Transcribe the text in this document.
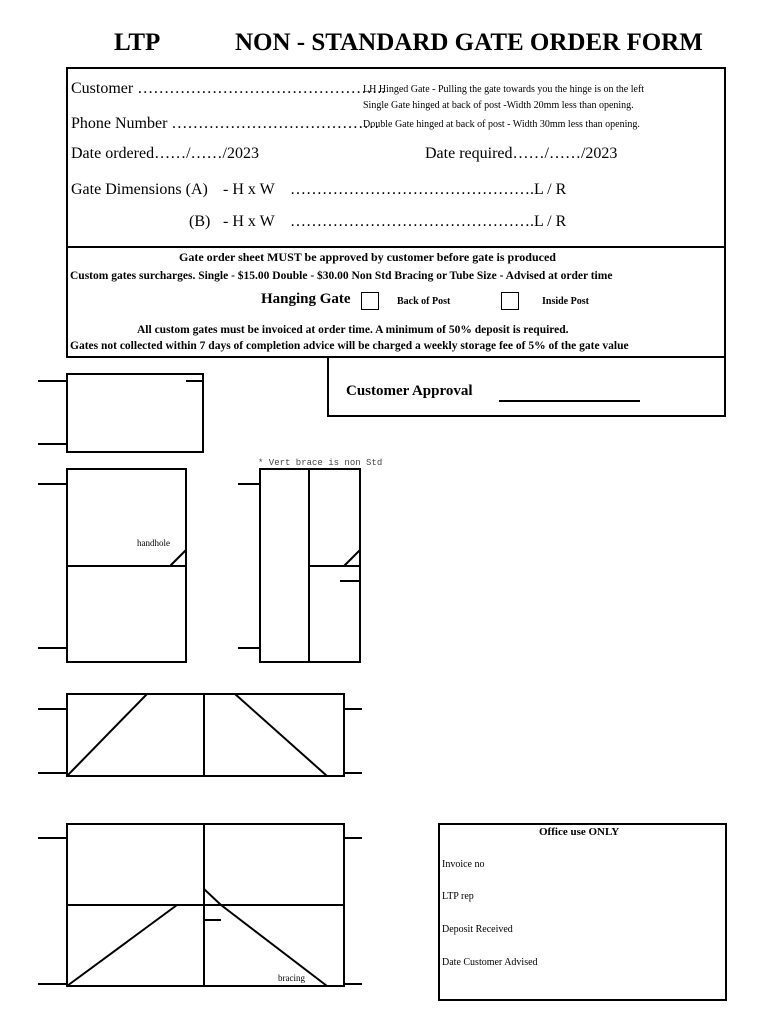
LTP	NON - STANDARD GATE ORDER FORM
Customer ………………………………………..
LH Hinged Gate - Pulling the gate towards you the hinge is on the left
Single Gate hinged at back of post -Width 20mm less than opening.
Phone Number …………………………………
Double Gate hinged at back of post - Width 30mm less than opening.
Date ordered……/……/2023	Date required……/……/2023
Gate Dimensions (A) - H x W ……………………………………….L / R
(B) - H x W ……………………………………….L / R
Gate order sheet MUST be approved by customer before gate is produced
Custom gates surcharges. Single - $15.00 Double - $30.00 Non Std Bracing or Tube Size - Advised at order time
Hanging Gate	Back of Post	Inside Post
All custom gates must be invoiced at order time. A minimum of 50% deposit is required.
Gates not collected within 7 days of completion advice will be charged a weekly storage fee of 5% of the gate value
Customer Approval
* Vert brace is non Std
handhole
bracing
Office use ONLY
Invoice no
LTP rep
Deposit Received
Date Customer Advised
